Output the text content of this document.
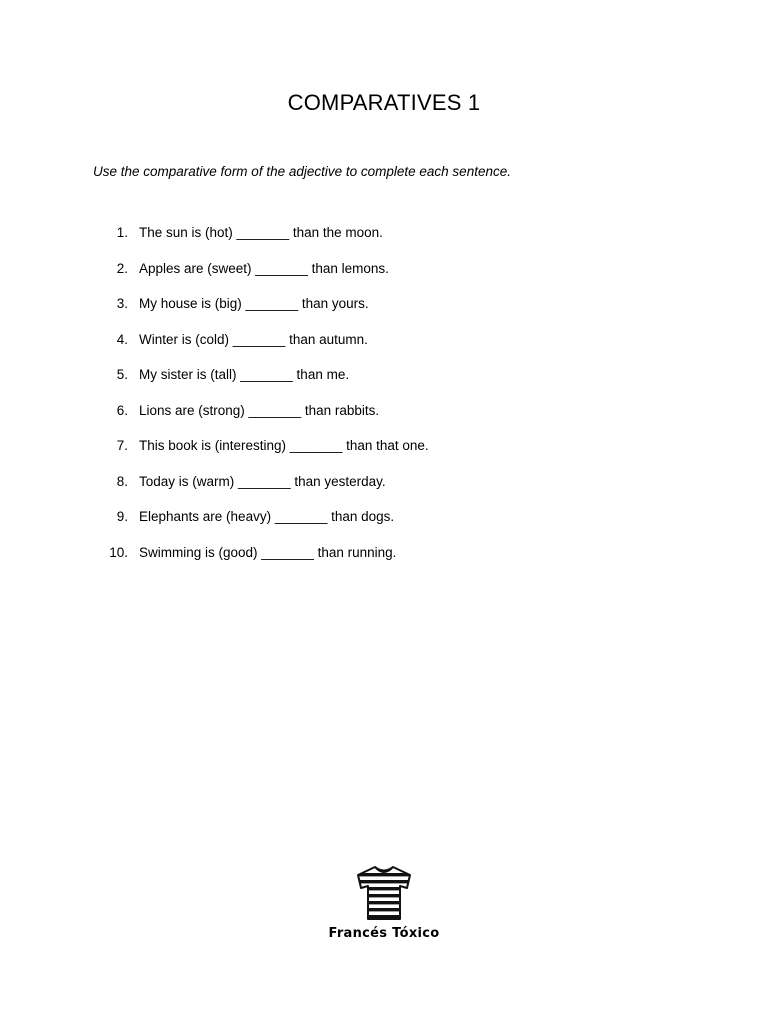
COMPARATIVES 1

Use the comparative form of the adjective to complete each sentence.

1. The sun is (hot) _______ than the moon.
2. Apples are (sweet) _______ than lemons.
3. My house is (big) _______ than yours.
4. Winter is (cold) _______ than autumn.
5. My sister is (tall) _______ than me.
6. Lions are (strong) _______ than rabbits.
7. This book is (interesting) _______ than that one.
8. Today is (warm) _______ than yesterday.
9. Elephants are (heavy) _______ than dogs.
10. Swimming is (good) _______ than running.
Francés Tóxico
